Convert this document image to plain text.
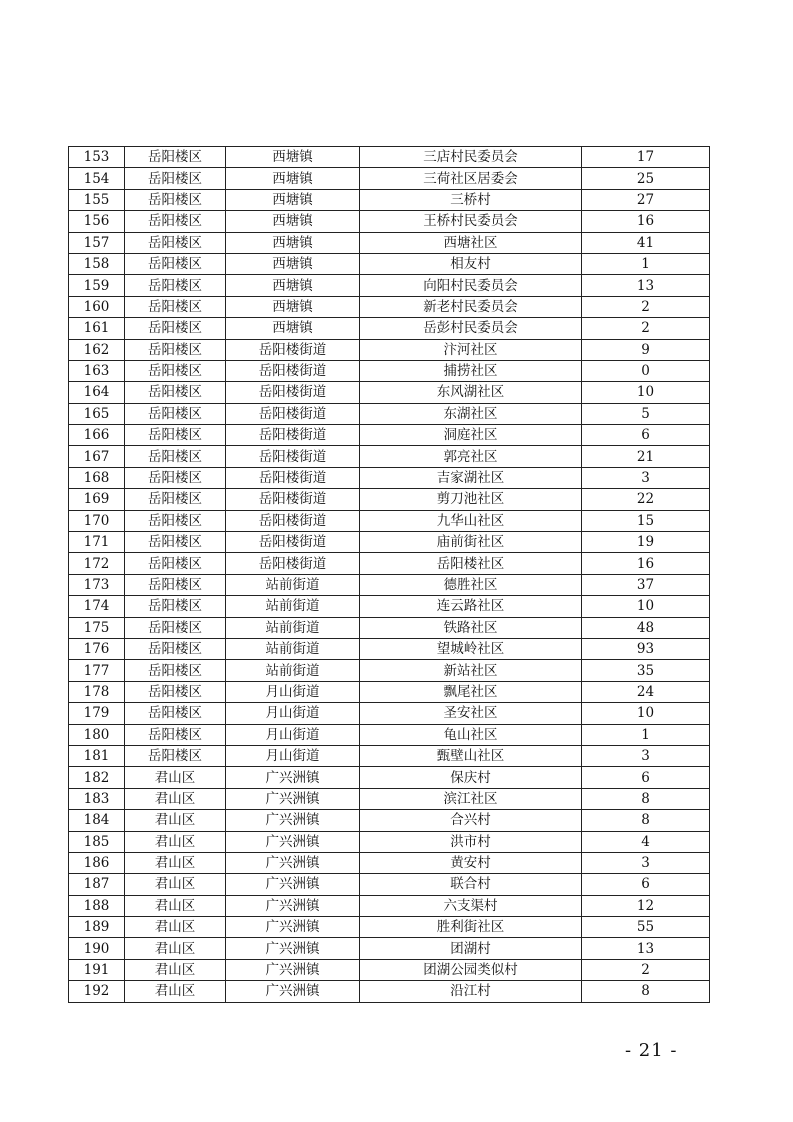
153	岳阳楼区	西塘镇	三店村民委员会	17
154	岳阳楼区	西塘镇	三荷社区居委会	25
155	岳阳楼区	西塘镇	三桥村	27
156	岳阳楼区	西塘镇	王桥村民委员会	16
157	岳阳楼区	西塘镇	西塘社区	41
158	岳阳楼区	西塘镇	相友村	1
159	岳阳楼区	西塘镇	向阳村民委员会	13
160	岳阳楼区	西塘镇	新老村民委员会	2
161	岳阳楼区	西塘镇	岳彭村民委员会	2
162	岳阳楼区	岳阳楼街道	汴河社区	9
163	岳阳楼区	岳阳楼街道	捕捞社区	0
164	岳阳楼区	岳阳楼街道	东风湖社区	10
165	岳阳楼区	岳阳楼街道	东湖社区	5
166	岳阳楼区	岳阳楼街道	洞庭社区	6
167	岳阳楼区	岳阳楼街道	郭亮社区	21
168	岳阳楼区	岳阳楼街道	吉家湖社区	3
169	岳阳楼区	岳阳楼街道	剪刀池社区	22
170	岳阳楼区	岳阳楼街道	九华山社区	15
171	岳阳楼区	岳阳楼街道	庙前街社区	19
172	岳阳楼区	岳阳楼街道	岳阳楼社区	16
173	岳阳楼区	站前街道	德胜社区	37
174	岳阳楼区	站前街道	连云路社区	10
175	岳阳楼区	站前街道	铁路社区	48
176	岳阳楼区	站前街道	望城岭社区	93
177	岳阳楼区	站前街道	新站社区	35
178	岳阳楼区	月山街道	飘尾社区	24
179	岳阳楼区	月山街道	圣安社区	10
180	岳阳楼区	月山街道	龟山社区	1
181	岳阳楼区	月山街道	甄壁山社区	3
182	君山区	广兴洲镇	保庆村	6
183	君山区	广兴洲镇	滨江社区	8
184	君山区	广兴洲镇	合兴村	8
185	君山区	广兴洲镇	洪市村	4
186	君山区	广兴洲镇	黄安村	3
187	君山区	广兴洲镇	联合村	6
188	君山区	广兴洲镇	六支渠村	12
189	君山区	广兴洲镇	胜利街社区	55
190	君山区	广兴洲镇	团湖村	13
191	君山区	广兴洲镇	团湖公园类似村	2
192	君山区	广兴洲镇	沿江村	8
- 21 -
